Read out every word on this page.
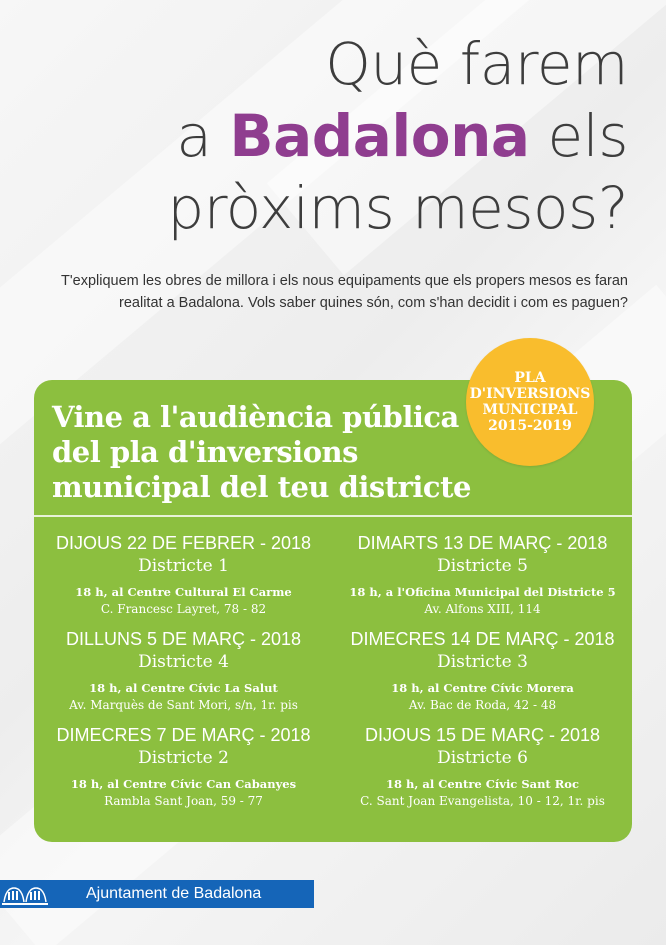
Què farem
a Badalona els
pròxims mesos?
T'expliquem les obres de millora i els nous equipaments que els propers mesos es faran realitat a Badalona. Vols saber quines són, com s'han decidit i com es paguen?
Vine a l'audiència pública
del pla d'inversions
municipal del teu districte
DIJOUS 22 DE FEBRER - 2018
Districte 1
18 h, al Centre Cultural El Carme
C. Francesc Layret, 78 - 82
DIMARTS 13 DE MARÇ - 2018
Districte 5
18 h, a l'Oficina Municipal del Districte 5
Av. Alfons XIII, 114
DILLUNS 5 DE MARÇ - 2018
Districte 4
18 h, al Centre Cívic La Salut
Av. Marquès de Sant Mori, s/n, 1r. pis
DIMECRES 14 DE MARÇ - 2018
Districte 3
18 h, al Centre Cívic Morera
Av. Bac de Roda, 42 - 48
DIMECRES 7 DE MARÇ - 2018
Districte 2
18 h, al Centre Cívic Can Cabanyes
Rambla Sant Joan, 59 - 77
DIJOUS 15 DE MARÇ - 2018
Districte 6
18 h, al Centre Cívic Sant Roc
C. Sant Joan Evangelista, 10 - 12, 1r. pis
PLA
D'INVERSIONS
MUNICIPAL
2015-2019
Ajuntament de Badalona
